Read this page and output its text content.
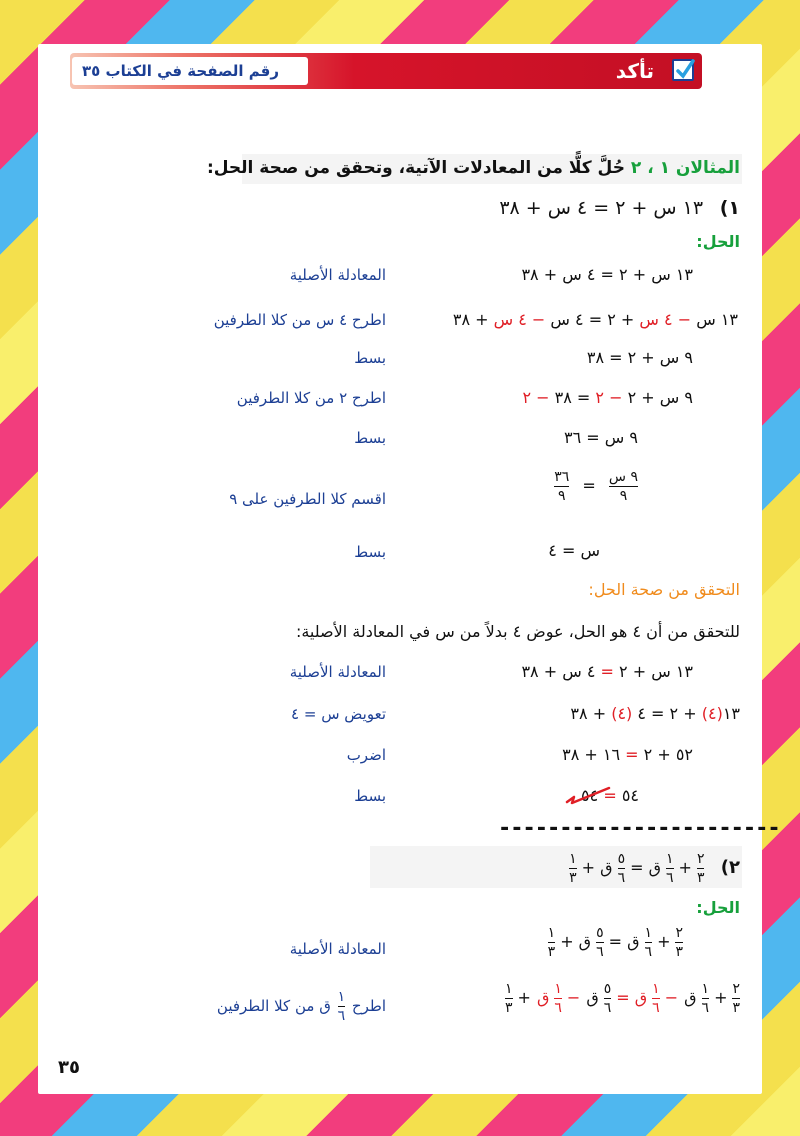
رقم الصفحة في الكتاب ٣٥	تأكد
المثالان ١ ، ٢ حُلَّ كلًّا من المعادلات الآتية، وتحقق من صحة الحل:
١) ١٣ س + ٢ = ٤ س + ٣٨
الحل:
١٣ س + ٢ = ٤ س + ٣٨
المعادلة الأصلية
١٣ س − ٤ س + ٢ = ٤ س − ٤ س + ٣٨
اطرح ٤ س من كلا الطرفين
٩ س + ٢ = ٣٨
بسط
٩ س + ٢ − ٢ = ٣٨ − ٢
اطرح ٢ من كلا الطرفين
٩ س = ٣٦
بسط
$\frac{\text{٩ س}}{٩}$
=
$\frac{٣٦}{٩}$
اقسم كلا الطرفين على ٩
س = ٤
بسط
التحقق من صحة الحل:
للتحقق من أن ٤ هو الحل، عوض ٤ بدلاً من س في المعادلة الأصلية:
١٣ س + ٢ = ٤ س + ٣٨
المعادلة الأصلية
١٣(٤) + ٢ = ٤ (٤) + ٣٨
تعويض س = ٤
٥٢ + ٢ = ١٦ + ٣٨
اضرب
٥٤ = ٥٤
بسط
-----------------------
٢)
$\frac{٢}{٣}$
+
$\frac{١}{٦}$
ق =
$\frac{٥}{٦}$
ق +
$\frac{١}{٣}$
الحل:
$\frac{٢}{٣}$
+
$\frac{١}{٦}$
ق =
$\frac{٥}{٦}$
ق +
$\frac{١}{٣}$
المعادلة الأصلية
$\frac{٢}{٣}$
+
$\frac{١}{٦}$
ق−
$\frac{١}{٦}$
ق =
$\frac{٥}{٦}$
ق−
$\frac{١}{٦}$
ق+
$\frac{١}{٣}$
اطرح
$\frac{١}{٦}$
ق من كلا الطرفين
٣٥
